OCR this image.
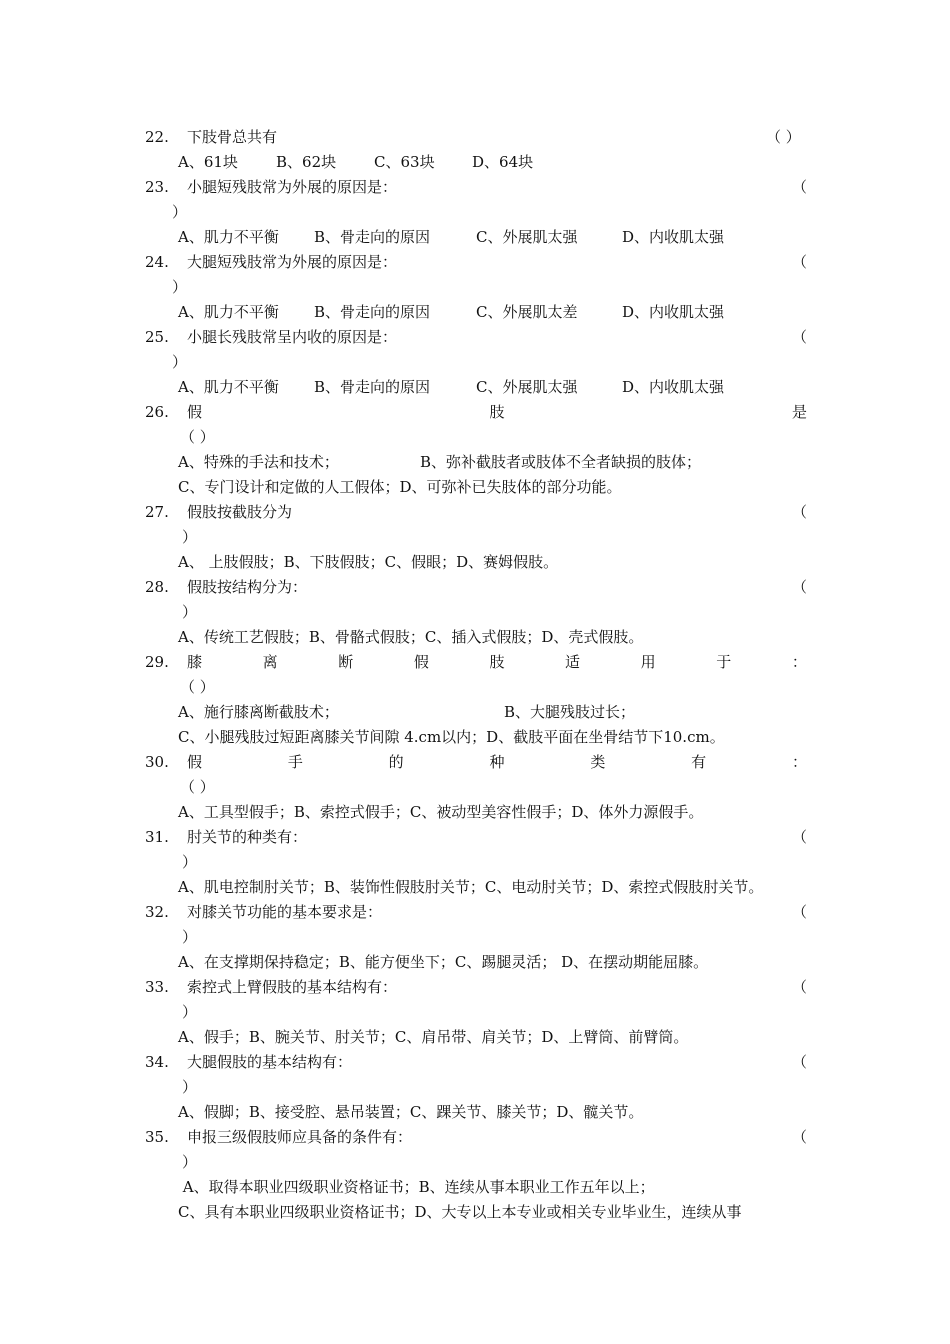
22. 下肢骨总共有	（ ）
A、61块	B、62块	C、63块 D、64块
23. 小腿短残肢常为外展的原因是：	（
）
A、肌力不平衡 B、骨走向的原因	C、外展肌太强	D、内收肌太强
24. 大腿短残肢常为外展的原因是：	（
）
A、肌力不平衡 B、骨走向的原因	C、外展肌太差	D、内收肌太强
25. 小腿长残肢常呈内收的原因是：	（
）
A、肌力不平衡 B、骨走向的原因	C、外展肌太强	D、内收肌太强
26. 假	肢	是
（ ）
A、特殊的手法和技术；	B、弥补截肢者或肢体不全者缺损的肢体；
C、专门设计和定做的人工假体；D、可弥补已失肢体的部分功能。
27. 假肢按截肢分为	（
）
A、 上肢假肢；B、下肢假肢；C、假眼；D、赛姆假肢。
28. 假肢按结构分为：	（
）
A、传统工艺假肢；B、骨骼式假肢；C、插入式假肢；D、壳式假肢。
29. 膝	离	断	假	肢	适	用	于	：
（ ）
A、施行膝离断截肢术；	B、大腿残肢过长；
C、小腿残肢过短距离膝关节间隙 4.cm以内；D、截肢平面在坐骨结节下10.cm。
30. 假	手	的	种	类	有	：
（ ）
A、工具型假手；B、索控式假手；C、被动型美容性假手；D、体外力源假手。
31. 肘关节的种类有：	（
）
A、肌电控制肘关节；B、装饰性假肢肘关节；C、电动肘关节；D、索控式假肢肘关节。
32. 对膝关节功能的基本要求是：	（
）
A、在支撑期保持稳定；B、能方便坐下；C、踢腿灵活； D、在摆动期能屈膝。
33. 索控式上臂假肢的基本结构有：	（
）
A、假手；B、腕关节、肘关节；C、肩吊带、肩关节；D、上臂筒、前臂筒。
34. 大腿假肢的基本结构有：	（
）
A、假脚；B、接受腔、悬吊装置；C、踝关节、膝关节；D、髋关节。
35. 申报三级假肢师应具备的条件有：	（
）
A、取得本职业四级职业资格证书；B、连续从事本职业工作五年以上；
C、具有本职业四级职业资格证书；D、大专以上本专业或相关专业毕业生，连续从事
